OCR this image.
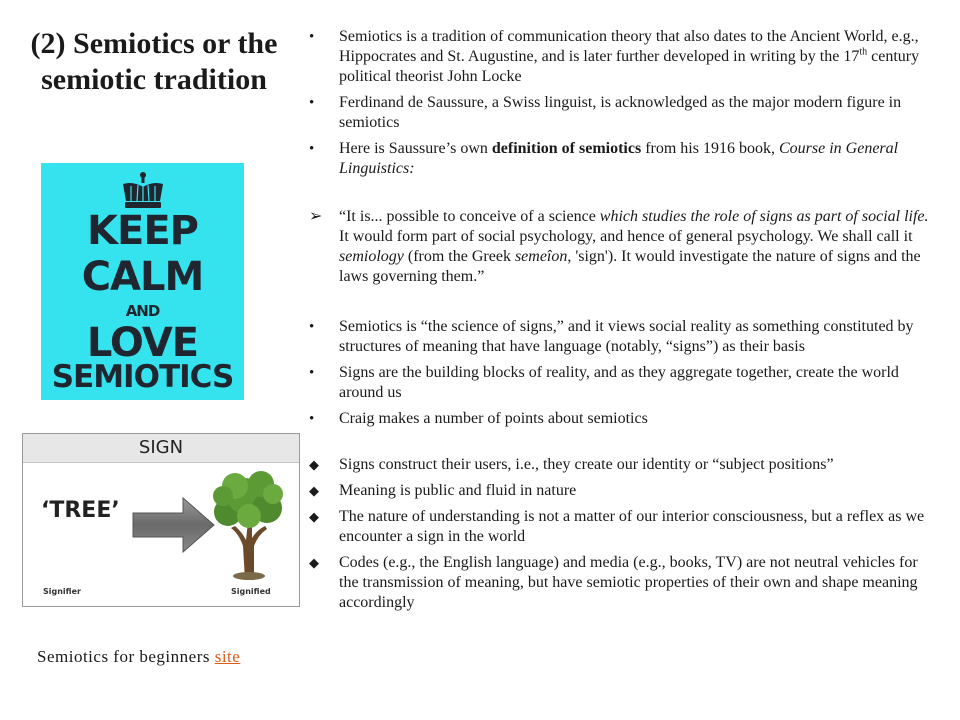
(2) Semiotics or the semiotic tradition
KEEP
CALM
AND
LOVE
SEMIOTICS
SIGN
‘TREE’
Signifier	Signified
Semiotics for beginners site
•	Semiotics is a tradition of communication theory that also dates to the Ancient World, e.g., Hippocrates and St. Augustine, and is later further developed in writing by the 17th century political theorist John Locke
•	Ferdinand de Saussure, a Swiss linguist, is acknowledged as the major modern figure in semiotics
•	Here is Saussure’s own definition of semiotics from his 1916 book, Course in General Linguistics:
➢	“It is... possible to conceive of a science which studies the role of signs as part of social life. It would form part of social psychology, and hence of general psychology. We shall call it semiology (from the Greek semeîon, 'sign'). It would investigate the nature of signs and the laws governing them.”
•	Semiotics is “the science of signs,” and it views social reality as something constituted by structures of meaning that have language (notably, “signs”) as their basis
•	Signs are the building blocks of reality, and as they aggregate together, create the world around us
•	Craig makes a number of points about semiotics
◆	Signs construct their users, i.e., they create our identity or “subject positions”
◆	Meaning is public and fluid in nature
◆	The nature of understanding is not a matter of our interior consciousness, but a reflex as we encounter a sign in the world
◆	Codes (e.g., the English language) and media (e.g., books, TV) are not neutral vehicles for the transmission of meaning, but have semiotic properties of their own and shape meaning accordingly
